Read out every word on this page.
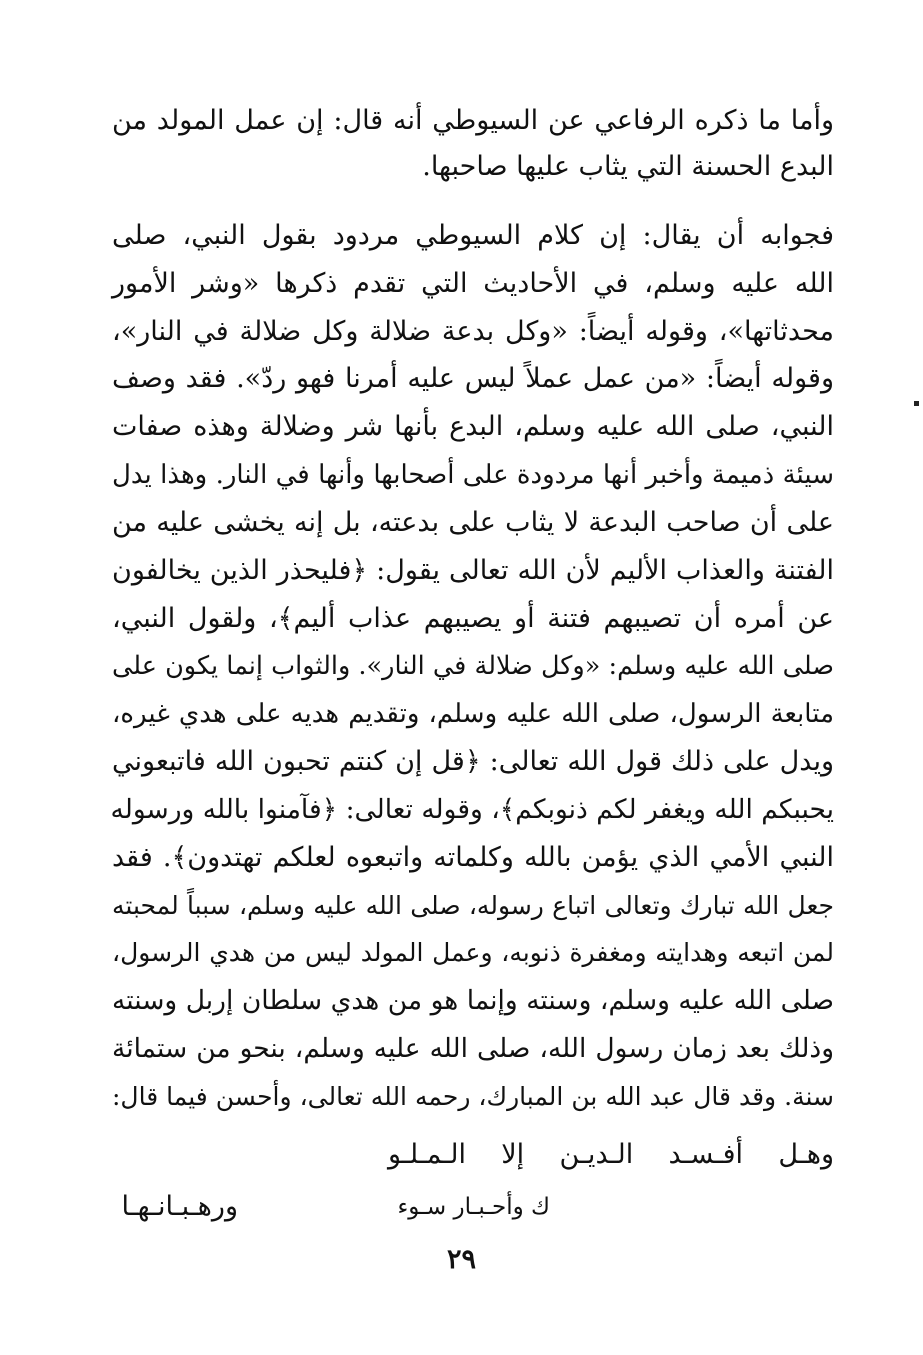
وأما ما ذكره الرفاعي عن السيوطي أنه قال: إن عمل المولد من
البدع الحسنة التي يثاب عليها صاحبها.
فجوابه أن يقال: إن كلام السيوطي مردود بقول النبي، صلى
الله عليه وسلم، في الأحاديث التي تقدم ذكرها «وشر الأمور
محدثاتها»، وقوله أيضاً: «وكل بدعة ضلالة وكل ضلالة في النار»،
وقوله أيضاً: «من عمل عملاً ليس عليه أمرنا فهو ردّ». فقد وصف
النبي، صلى الله عليه وسلم، البدع بأنها شر وضلالة وهذه صفات
سيئة ذميمة وأخبر أنها مردودة على أصحابها وأنها في النار. وهذا يدل
على أن صاحب البدعة لا يثاب على بدعته، بل إنه يخشى عليه من
الفتنة والعذاب الأليم لأن الله تعالى يقول: ﴿فليحذر الذين يخالفون
عن أمره أن تصيبهم فتنة أو يصيبهم عذاب أليم﴾، ولقول النبي،
صلى الله عليه وسلم: «وكل ضلالة في النار». والثواب إنما يكون على
متابعة الرسول، صلى الله عليه وسلم، وتقديم هديه على هدي غيره،
ويدل على ذلك قول الله تعالى: ﴿قل إن كنتم تحبون الله فاتبعوني
يحببكم الله ويغفر لكم ذنوبكم﴾، وقوله تعالى: ﴿فآمنوا بالله ورسوله
النبي الأمي الذي يؤمن بالله وكلماته واتبعوه لعلكم تهتدون﴾. فقد
جعل الله تبارك وتعالى اتباع رسوله، صلى الله عليه وسلم، سبباً لمحبته
لمن اتبعه وهدايته ومغفرة ذنوبه، وعمل المولد ليس من هدي الرسول،
صلى الله عليه وسلم، وسنته وإنما هو من هدي سلطان إربل وسنته
وذلك بعد زمان رسول الله، صلى الله عليه وسلم، بنحو من ستمائة
سنة. وقد قال عبد الله بن المبارك، رحمه الله تعالى، وأحسن فيما قال:
وهـل أفـسـد الـديـن إلا الـمـلـو
ك وأحـبـار سـوء
ورهـبـانـهـا
٢٩
